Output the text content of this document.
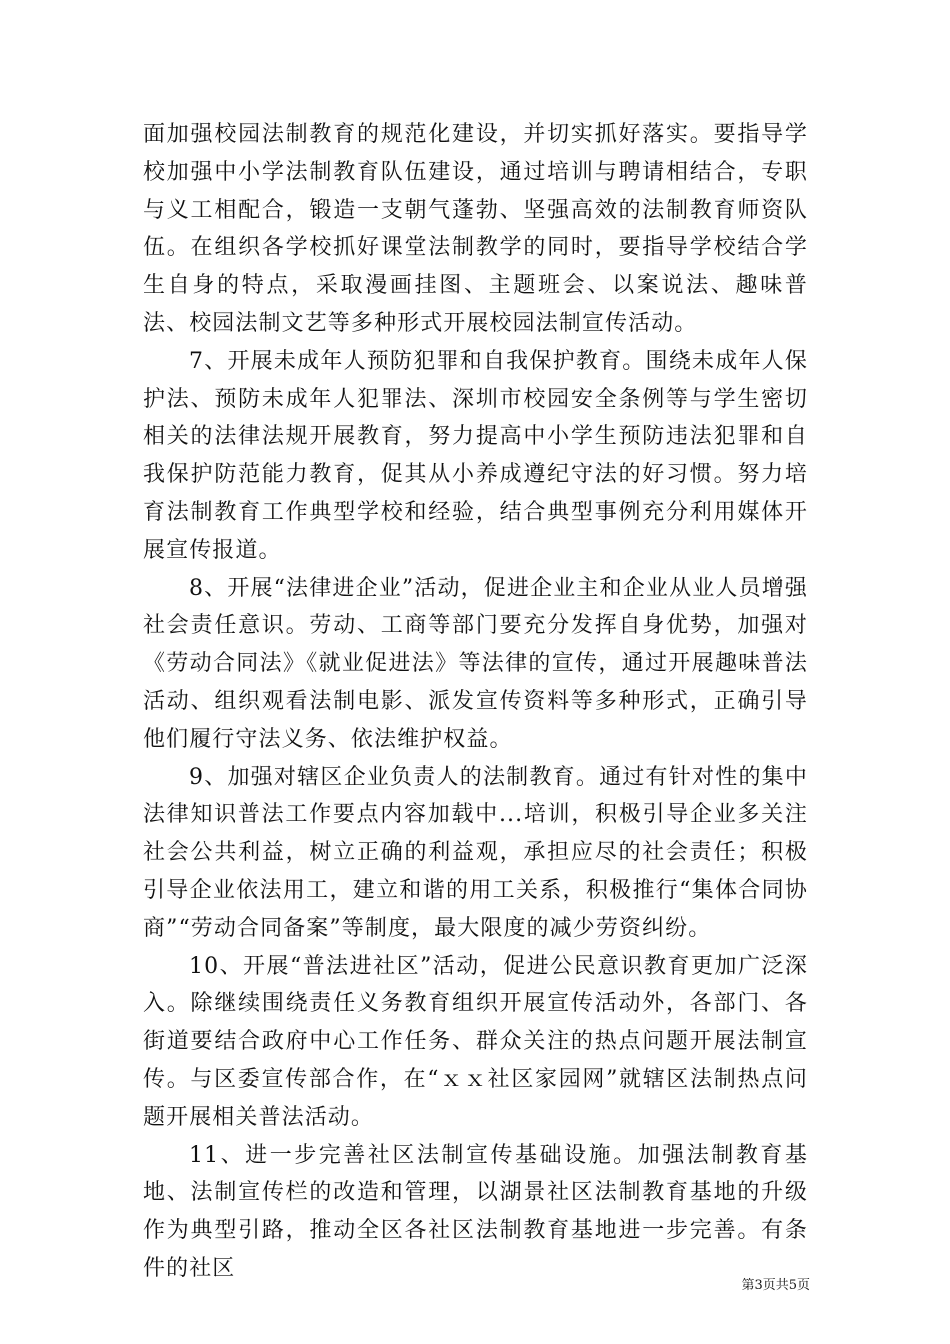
面加强校园法制教育的规范化建设，并切实抓好落实。要指导学校加强中小学法制教育队伍建设，通过培训与聘请相结合，专职与义工相配合，锻造一支朝气蓬勃、坚强高效的法制教育师资队伍。在组织各学校抓好课堂法制教学的同时，要指导学校结合学生自身的特点，采取漫画挂图、主题班会、以案说法、趣味普法、校园法制文艺等多种形式开展校园法制宣传活动。

7、开展未成年人预防犯罪和自我保护教育。围绕未成年人保护法、预防未成年人犯罪法、深圳市校园安全条例等与学生密切相关的法律法规开展教育，努力提高中小学生预防违法犯罪和自我保护防范能力教育，促其从小养成遵纪守法的好习惯。努力培育法制教育工作典型学校和经验，结合典型事例充分利用媒体开展宣传报道。

8、开展“法律进企业”活动，促进企业主和企业从业人员增强社会责任意识。劳动、工商等部门要充分发挥自身优势，加强对《劳动合同法》《就业促进法》等法律的宣传，通过开展趣味普法活动、组织观看法制电影、派发宣传资料等多种形式，正确引导他们履行守法义务、依法维护权益。

9、加强对辖区企业负责人的法制教育。通过有针对性的集中法律知识普法工作要点内容加载中...培训，积极引导企业多关注社会公共利益，树立正确的利益观，承担应尽的社会责任；积极引导企业依法用工，建立和谐的用工关系，积极推行“集体合同协商”“劳动合同备案”等制度，最大限度的减少劳资纠纷。

10、开展“普法进社区”活动，促进公民意识教育更加广泛深入。除继续围绕责任义务教育组织开展宣传活动外，各部门、各街道要结合政府中心工作任务、群众关注的热点问题开展法制宣传。与区委宣传部合作，在“ｘｘ社区家园网”就辖区法制热点问题开展相关普法活动。

11、进一步完善社区法制宣传基础设施。加强法制教育基地、法制宣传栏的改造和管理，以湖景社区法制教育基地的升级作为典型引路，推动全区各社区法制教育基地进一步完善。有条件的社区

第3页共5页
